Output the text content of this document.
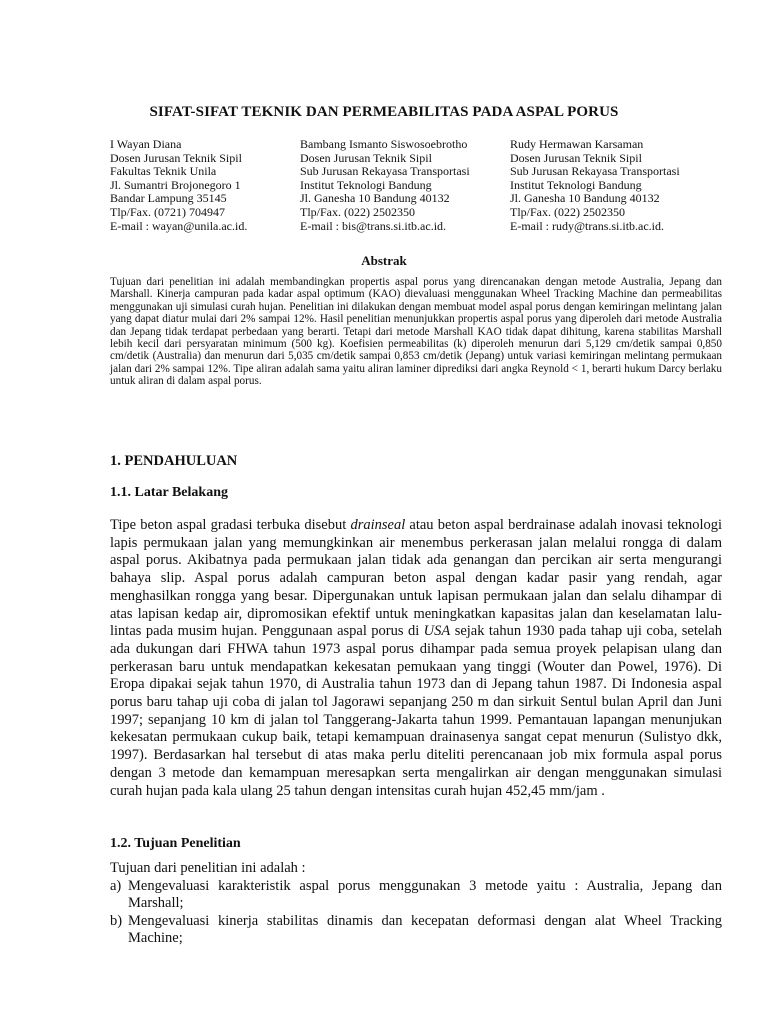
SIFAT-SIFAT TEKNIK DAN PERMEABILITAS PADA ASPAL PORUS
I Wayan Diana
Dosen Jurusan Teknik Sipil
Fakultas Teknik Unila
Jl. Sumantri Brojonegoro 1
Bandar Lampung 35145
Tlp/Fax. (0721) 704947
E-mail : wayan@unila.ac.id.
Bambang Ismanto Siswosoebrotho
Dosen Jurusan Teknik Sipil
Sub Jurusan Rekayasa Transportasi
Institut Teknologi Bandung
Jl. Ganesha 10 Bandung 40132
Tlp/Fax. (022) 2502350
E-mail : bis@trans.si.itb.ac.id.
Rudy Hermawan Karsaman
Dosen Jurusan Teknik Sipil
Sub Jurusan Rekayasa Transportasi
Institut Teknologi Bandung
Jl. Ganesha 10 Bandung 40132
Tlp/Fax. (022) 2502350
E-mail : rudy@trans.si.itb.ac.id.
Abstrak

Tujuan dari penelitian ini adalah membandingkan propertis aspal porus yang direncanakan dengan metode Australia, Jepang dan Marshall. Kinerja campuran pada kadar aspal optimum (KAO) dievaluasi menggunakan Wheel Tracking Machine dan permeabilitas menggunakan uji simulasi curah hujan. Penelitian ini dilakukan dengan membuat model aspal porus dengan kemiringan melintang jalan yang dapat diatur mulai dari 2% sampai 12%. Hasil penelitian menunjukkan propertis aspal porus yang diperoleh dari metode Australia dan Jepang tidak terdapat perbedaan yang berarti. Tetapi dari metode Marshall KAO tidak dapat dihitung, karena stabilitas Marshall lebih kecil dari persyaratan minimum (500 kg). Koefisien permeabilitas (k) diperoleh menurun dari 5,129 cm/detik sampai 0,850 cm/detik (Australia) dan menurun dari 5,035 cm/detik sampai 0,853 cm/detik (Jepang) untuk variasi kemiringan melintang permukaan jalan dari 2% sampai 12%. Tipe aliran adalah sama yaitu aliran laminer diprediksi dari angka Reynold < 1, berarti hukum Darcy berlaku untuk aliran di dalam aspal porus.

1. PENDAHULUAN
1.1. Latar Belakang

Tipe beton aspal gradasi terbuka disebut drainseal atau beton aspal berdrainase adalah inovasi teknologi lapis permukaan jalan yang memungkinkan air menembus perkerasan jalan melalui rongga di dalam aspal porus. Akibatnya pada permukaan jalan tidak ada genangan dan percikan air serta mengurangi bahaya slip. Aspal porus adalah campuran beton aspal dengan kadar pasir yang rendah, agar menghasilkan rongga yang besar. Dipergunakan untuk lapisan permukaan jalan dan selalu dihampar di atas lapisan kedap air, dipromosikan efektif untuk meningkatkan kapasitas jalan dan keselamatan lalu-lintas pada musim hujan. Penggunaan aspal porus di USA sejak tahun 1930 pada tahap uji coba, setelah ada dukungan dari FHWA tahun 1973 aspal porus dihampar pada semua proyek pelapisan ulang dan perkerasan baru untuk mendapatkan kekesatan pemukaan yang tinggi (Wouter dan Powel, 1976). Di Eropa dipakai sejak tahun 1970, di Australia tahun 1973 dan di Jepang tahun 1987. Di Indonesia aspal porus baru tahap uji coba di jalan tol Jagorawi sepanjang 250 m dan sirkuit Sentul bulan April dan Juni 1997; sepanjang 10 km di jalan tol Tanggerang-Jakarta tahun 1999. Pemantauan lapangan menunjukan kekesatan permukaan cukup baik, tetapi kemampuan drainasenya sangat cepat menurun (Sulistyo dkk, 1997). Berdasarkan hal tersebut di atas maka perlu diteliti perencanaan job mix formula aspal porus dengan 3 metode dan kemampuan meresapkan serta mengalirkan air dengan menggunakan simulasi curah hujan pada kala ulang 25 tahun dengan intensitas curah hujan 452,45 mm/jam .

1.2. Tujuan Penelitian

Tujuan dari penelitian ini adalah :

a) Mengevaluasi karakteristik aspal porus menggunakan 3 metode yaitu : Australia, Jepang dan Marshall;
b) Mengevaluasi kinerja stabilitas dinamis dan kecepatan deformasi dengan alat Wheel Tracking Machine;
